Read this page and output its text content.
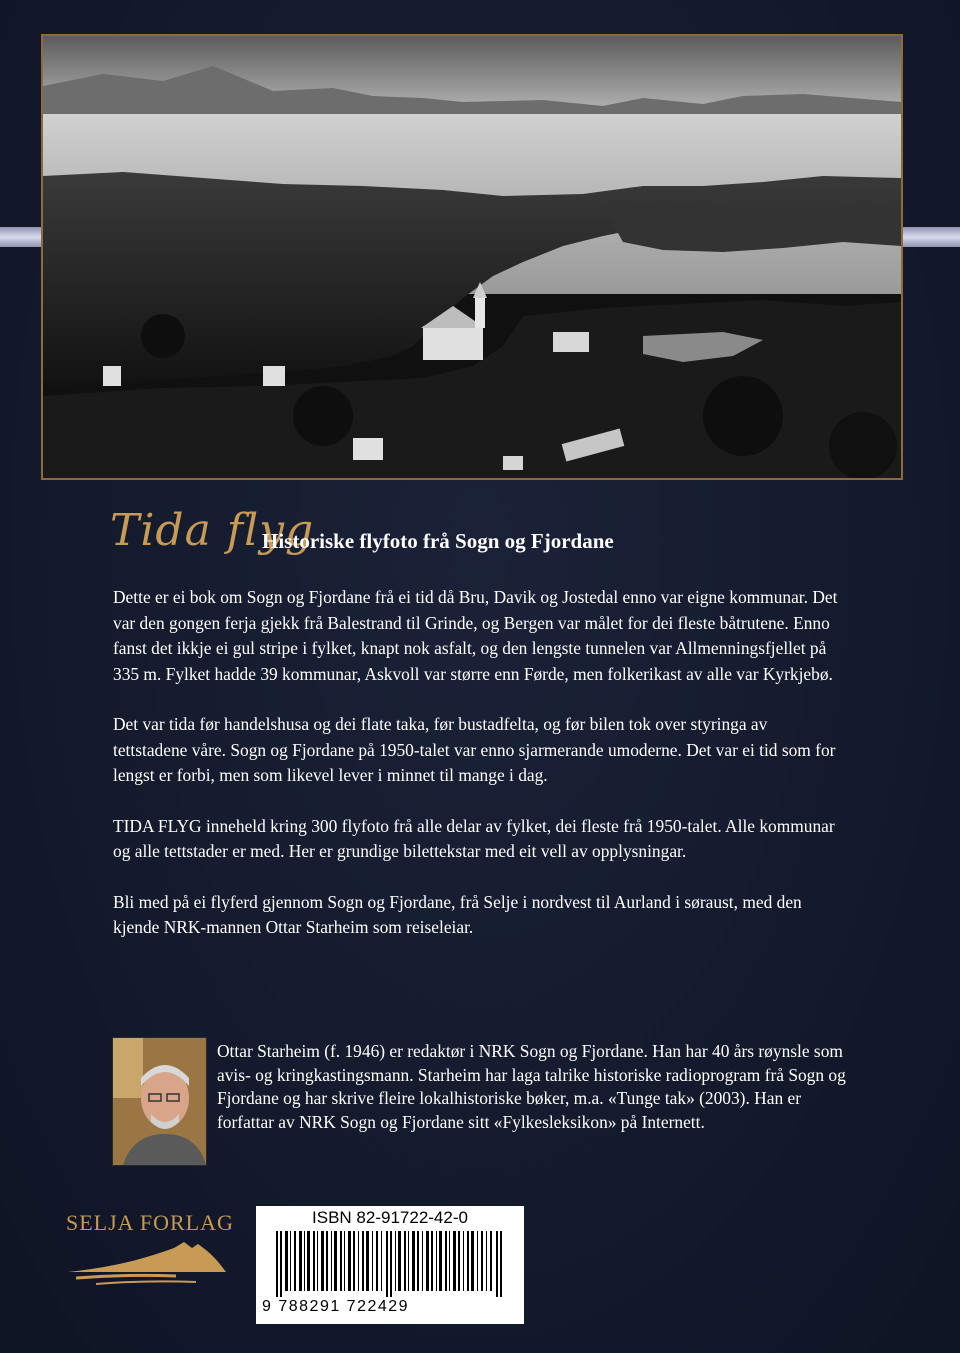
Tida flyg
Historiske flyfoto frå Sogn og Fjordane

Dette er ei bok om Sogn og Fjordane frå ei tid då Bru, Davik og Jostedal enno var eigne kommunar. Det var den gongen ferja gjekk frå Balestrand til Grinde, og Bergen var målet for dei fleste båtrutene. Enno fanst det ikkje ei gul stripe i fylket, knapt nok asfalt, og den lengste tunnelen var Allmenningsfjellet på 335 m. Fylket hadde 39 kommunar, Askvoll var større enn Førde, men folkerikast av alle var Kyrkjebø.

Det var tida før handelshusa og dei flate taka, før bustadfelta, og før bilen tok over styringa av tettstadene våre. Sogn og Fjordane på 1950-talet var enno sjarmerande umoderne. Det var ei tid som for lengst er forbi, men som likevel lever i minnet til mange i dag.

TIDA FLYG inneheld kring 300 flyfoto frå alle delar av fylket, dei fleste frå 1950-talet. Alle kommunar og alle tettstader er med. Her er grundige bilettekstar med eit vell av opplysningar.

Bli med på ei flyferd gjennom Sogn og Fjordane, frå Selje i nordvest til Aurland i søraust, med den kjende NRK-mannen Ottar Starheim som reiseleiar.

Ottar Starheim (f. 1946) er redaktør i NRK Sogn og Fjordane. Han har 40 års røynsle som avis- og kringkastingsmann. Starheim har laga talrike historiske radioprogram frå Sogn og Fjordane og har skrive fleire lokalhistoriske bøker, m.a. «Tunge tak» (2003). Han er forfattar av NRK Sogn og Fjordane sitt «Fylkesleksikon» på Internett.
SELJA FORLAG	ISBN 82-91722-42-0
9 788291 722429
